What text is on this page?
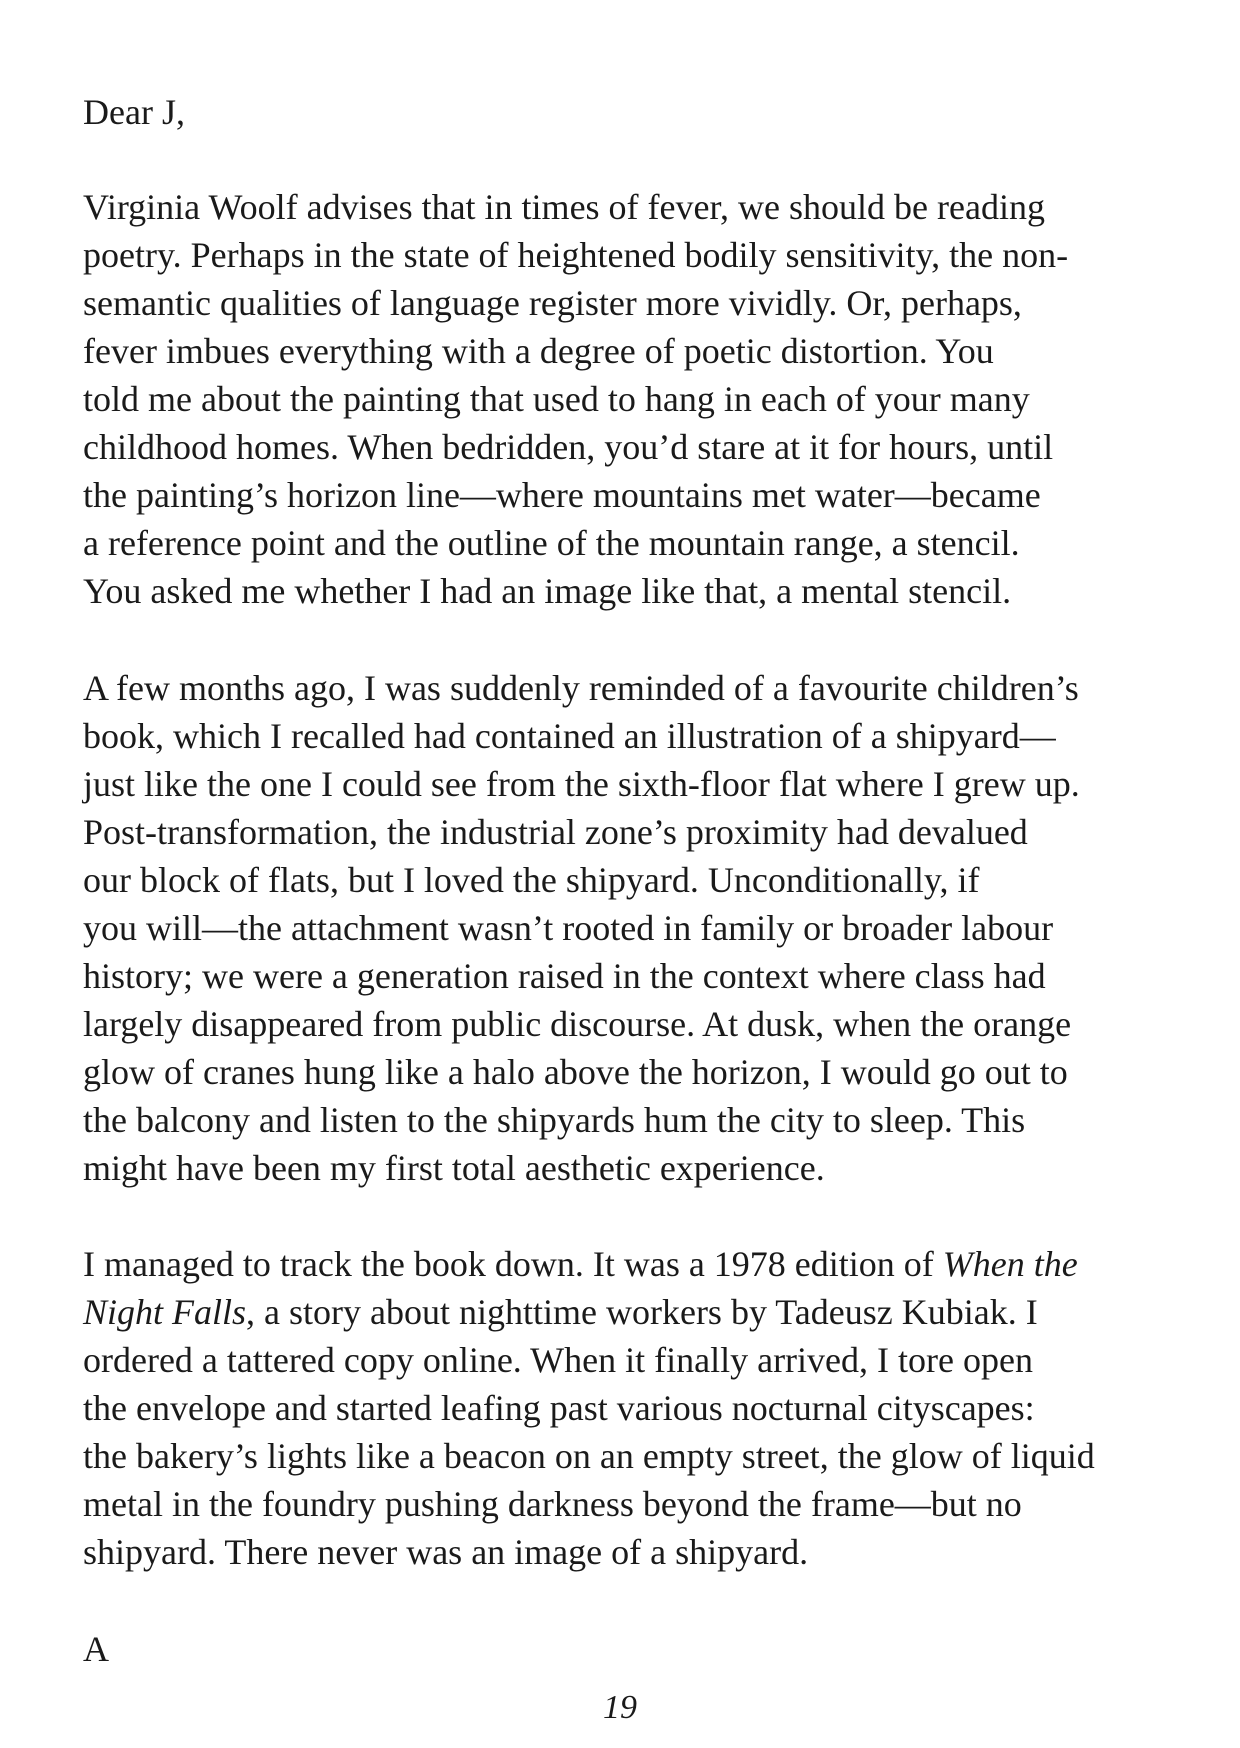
Dear J,

Virginia Woolf advises that in times of fever, we should be reading
poetry. Perhaps in the state of heightened bodily sensitivity, the non-
semantic qualities of language register more vividly. Or, perhaps,
fever imbues everything with a degree of poetic distortion. You
told me about the painting that used to hang in each of your many
childhood homes. When bedridden, you’d stare at it for hours, until
the painting’s horizon line—where mountains met water—became
a reference point and the outline of the mountain range, a stencil.
You asked me whether I had an image like that, a mental stencil.
A few months ago, I was suddenly reminded of a favourite children’s
book, which I recalled had contained an illustration of a shipyard—
just like the one I could see from the sixth-floor flat where I grew up.
Post-transformation, the industrial zone’s proximity had devalued
our block of flats, but I loved the shipyard. Unconditionally, if
you will—the attachment wasn’t rooted in family or broader labour
history; we were a generation raised in the context where class had
largely disappeared from public discourse. At dusk, when the orange
glow of cranes hung like a halo above the horizon, I would go out to
the balcony and listen to the shipyards hum the city to sleep. This
might have been my first total aesthetic experience.
I managed to track the book down. It was a 1978 edition of When the
Night Falls, a story about nighttime workers by Tadeusz Kubiak. I
ordered a tattered copy online. When it finally arrived, I tore open
the envelope and started leafing past various nocturnal cityscapes:
the bakery’s lights like a beacon on an empty street, the glow of liquid
metal in the foundry pushing darkness beyond the frame—but no
shipyard. There never was an image of a shipyard.

A

19
